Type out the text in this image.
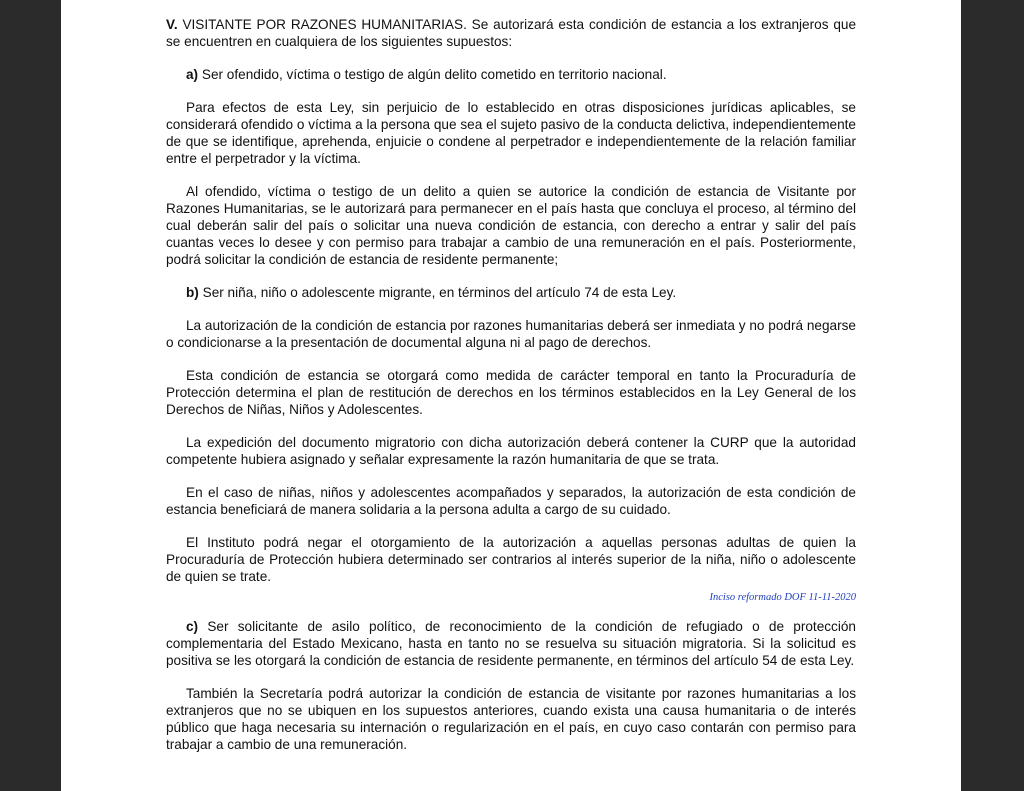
V. VISITANTE POR RAZONES HUMANITARIAS. Se autorizará esta condición de estancia a los extranjeros que se encuentren en cualquiera de los siguientes supuestos:

a) Ser ofendido, víctima o testigo de algún delito cometido en territorio nacional.

Para efectos de esta Ley, sin perjuicio de lo establecido en otras disposiciones jurídicas aplicables, se considerará ofendido o víctima a la persona que sea el sujeto pasivo de la conducta delictiva, independientemente de que se identifique, aprehenda, enjuicie o condene al perpetrador e independientemente de la relación familiar entre el perpetrador y la víctima.

Al ofendido, víctima o testigo de un delito a quien se autorice la condición de estancia de Visitante por Razones Humanitarias, se le autorizará para permanecer en el país hasta que concluya el proceso, al término del cual deberán salir del país o solicitar una nueva condición de estancia, con derecho a entrar y salir del país cuantas veces lo desee y con permiso para trabajar a cambio de una remuneración en el país. Posteriormente, podrá solicitar la condición de estancia de residente permanente;

b) Ser niña, niño o adolescente migrante, en términos del artículo 74 de esta Ley.

La autorización de la condición de estancia por razones humanitarias deberá ser inmediata y no podrá negarse o condicionarse a la presentación de documental alguna ni al pago de derechos.

Esta condición de estancia se otorgará como medida de carácter temporal en tanto la Procuraduría de Protección determina el plan de restitución de derechos en los términos establecidos en la Ley General de los Derechos de Niñas, Niños y Adolescentes.

La expedición del documento migratorio con dicha autorización deberá contener la CURP que la autoridad competente hubiera asignado y señalar expresamente la razón humanitaria de que se trata.

En el caso de niñas, niños y adolescentes acompañados y separados, la autorización de esta condición de estancia beneficiará de manera solidaria a la persona adulta a cargo de su cuidado.

El Instituto podrá negar el otorgamiento de la autorización a aquellas personas adultas de quien la Procuraduría de Protección hubiera determinado ser contrarios al interés superior de la niña, niño o adolescente de quien se trate.

Inciso reformado DOF 11-11-2020

c) Ser solicitante de asilo político, de reconocimiento de la condición de refugiado o de protección complementaria del Estado Mexicano, hasta en tanto no se resuelva su situación migratoria. Si la solicitud es positiva se les otorgará la condición de estancia de residente permanente, en términos del artículo 54 de esta Ley.

También la Secretaría podrá autorizar la condición de estancia de visitante por razones humanitarias a los extranjeros que no se ubiquen en los supuestos anteriores, cuando exista una causa humanitaria o de interés público que haga necesaria su internación o regularización en el país, en cuyo caso contarán con permiso para trabajar a cambio de una remuneración.
